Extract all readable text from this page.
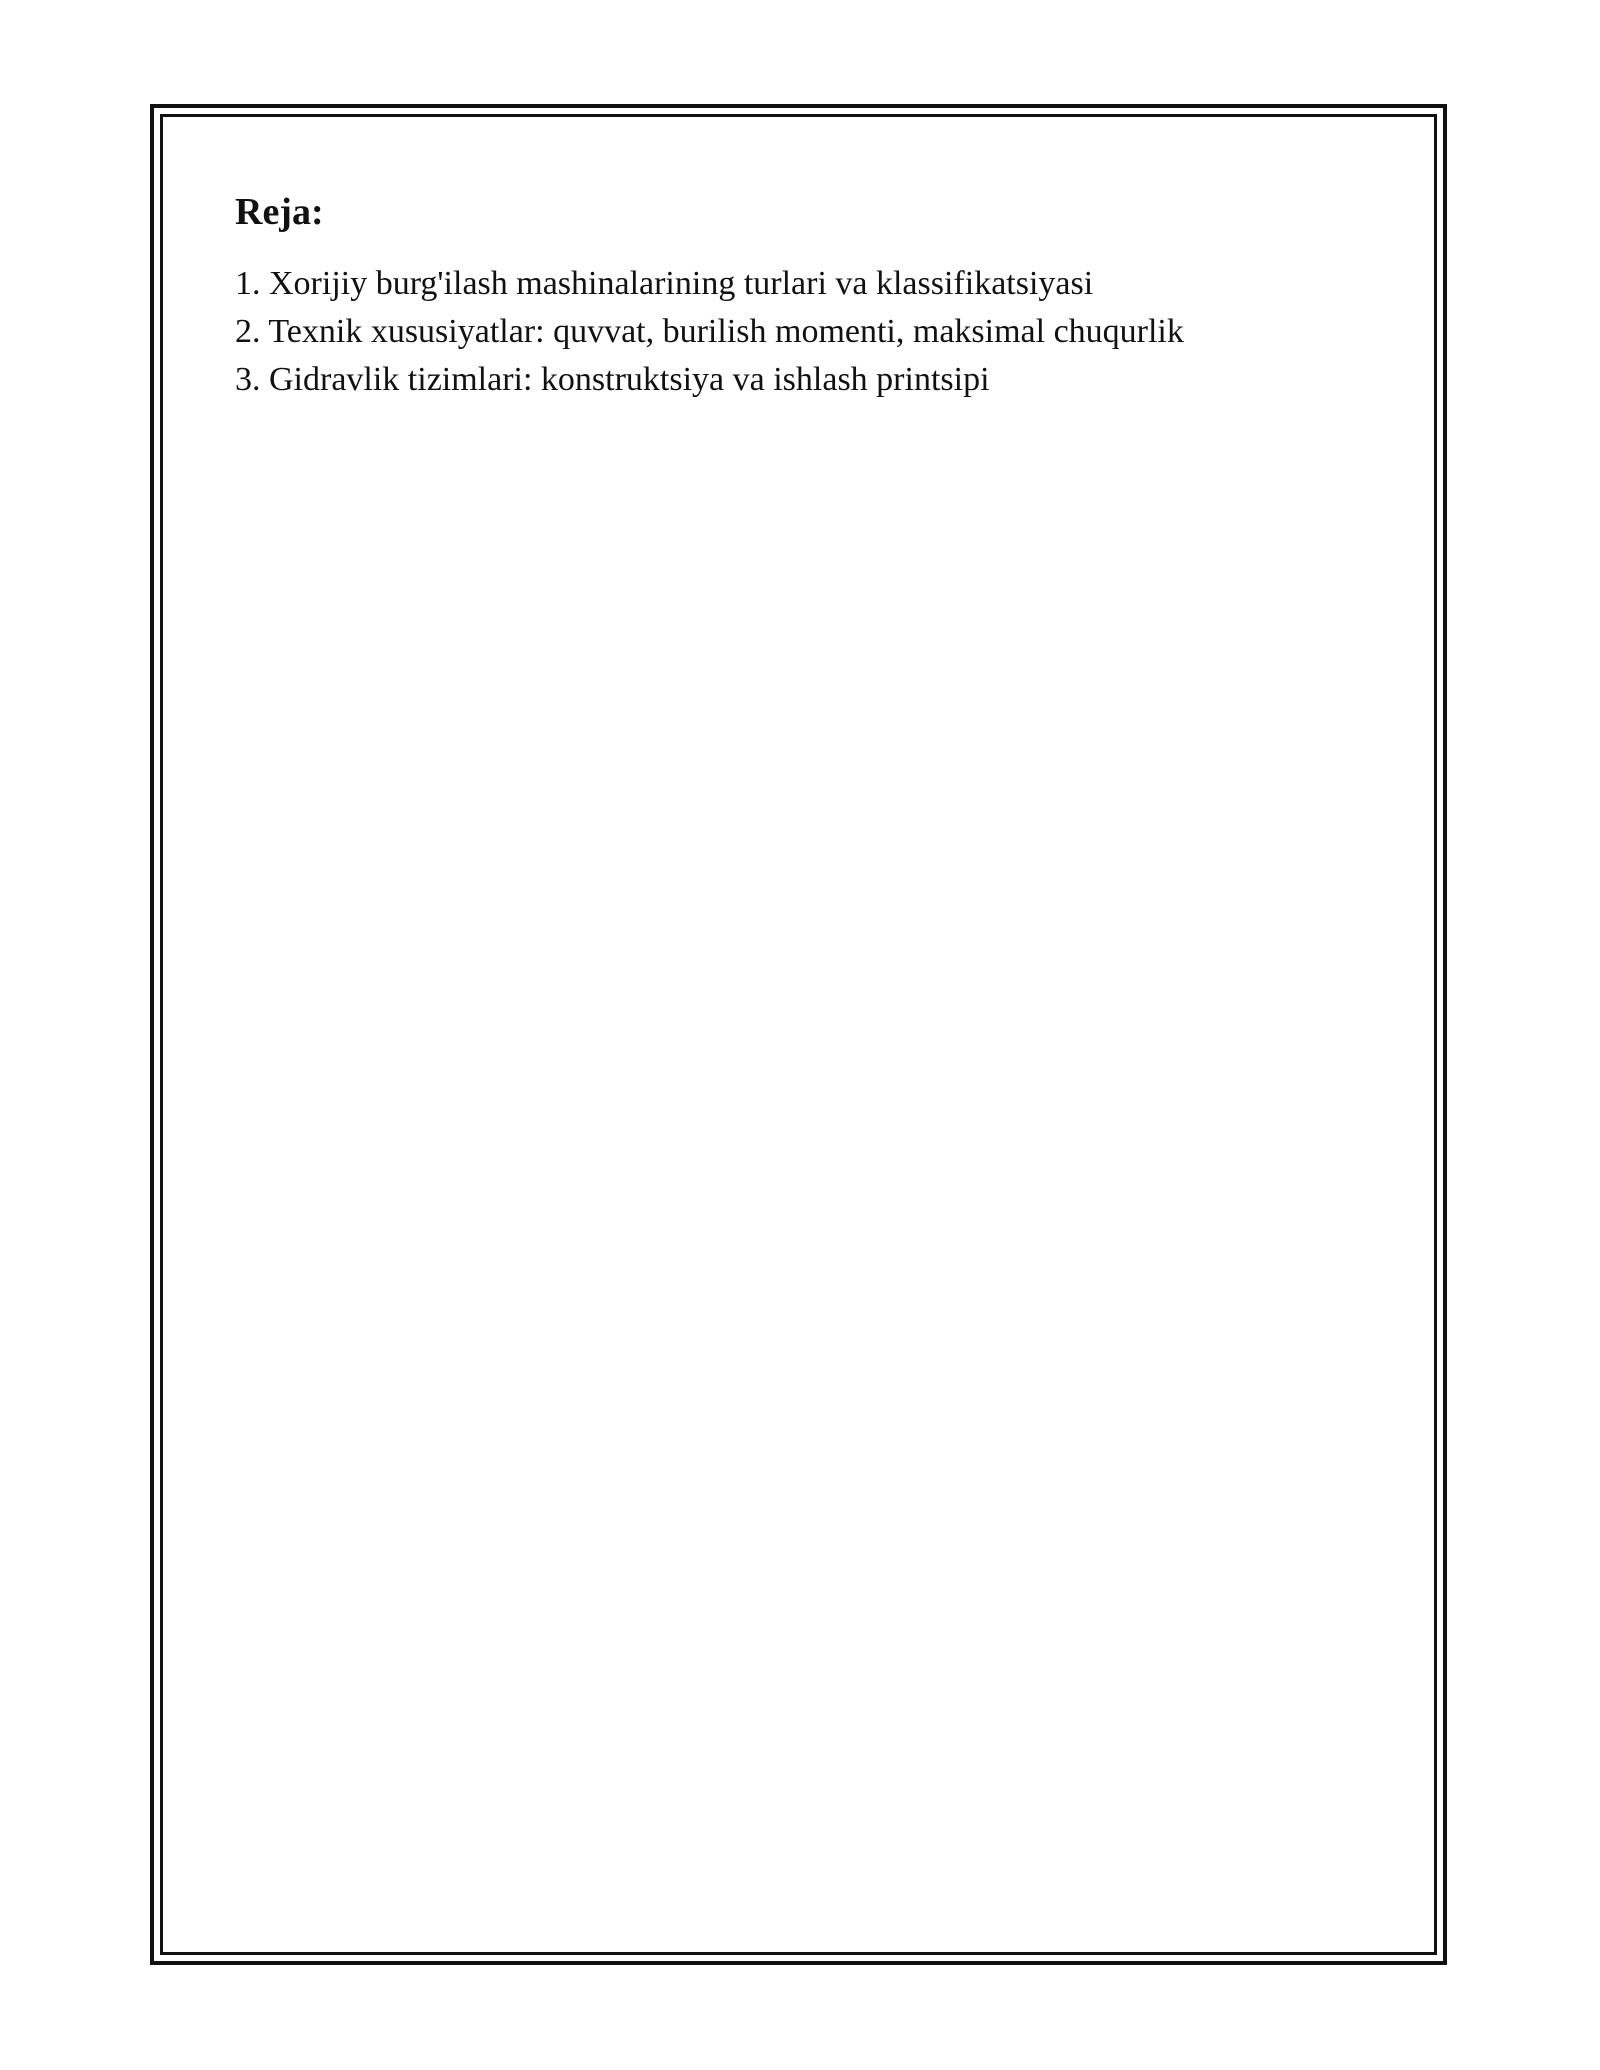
Reja:
1. Xorijiy burg'ilash mashinalarining turlari va klassifikatsiyasi
2. Texnik xususiyatlar: quvvat, burilish momenti, maksimal chuqurlik
3. Gidravlik tizimlari: konstruktsiya va ishlash printsipi
